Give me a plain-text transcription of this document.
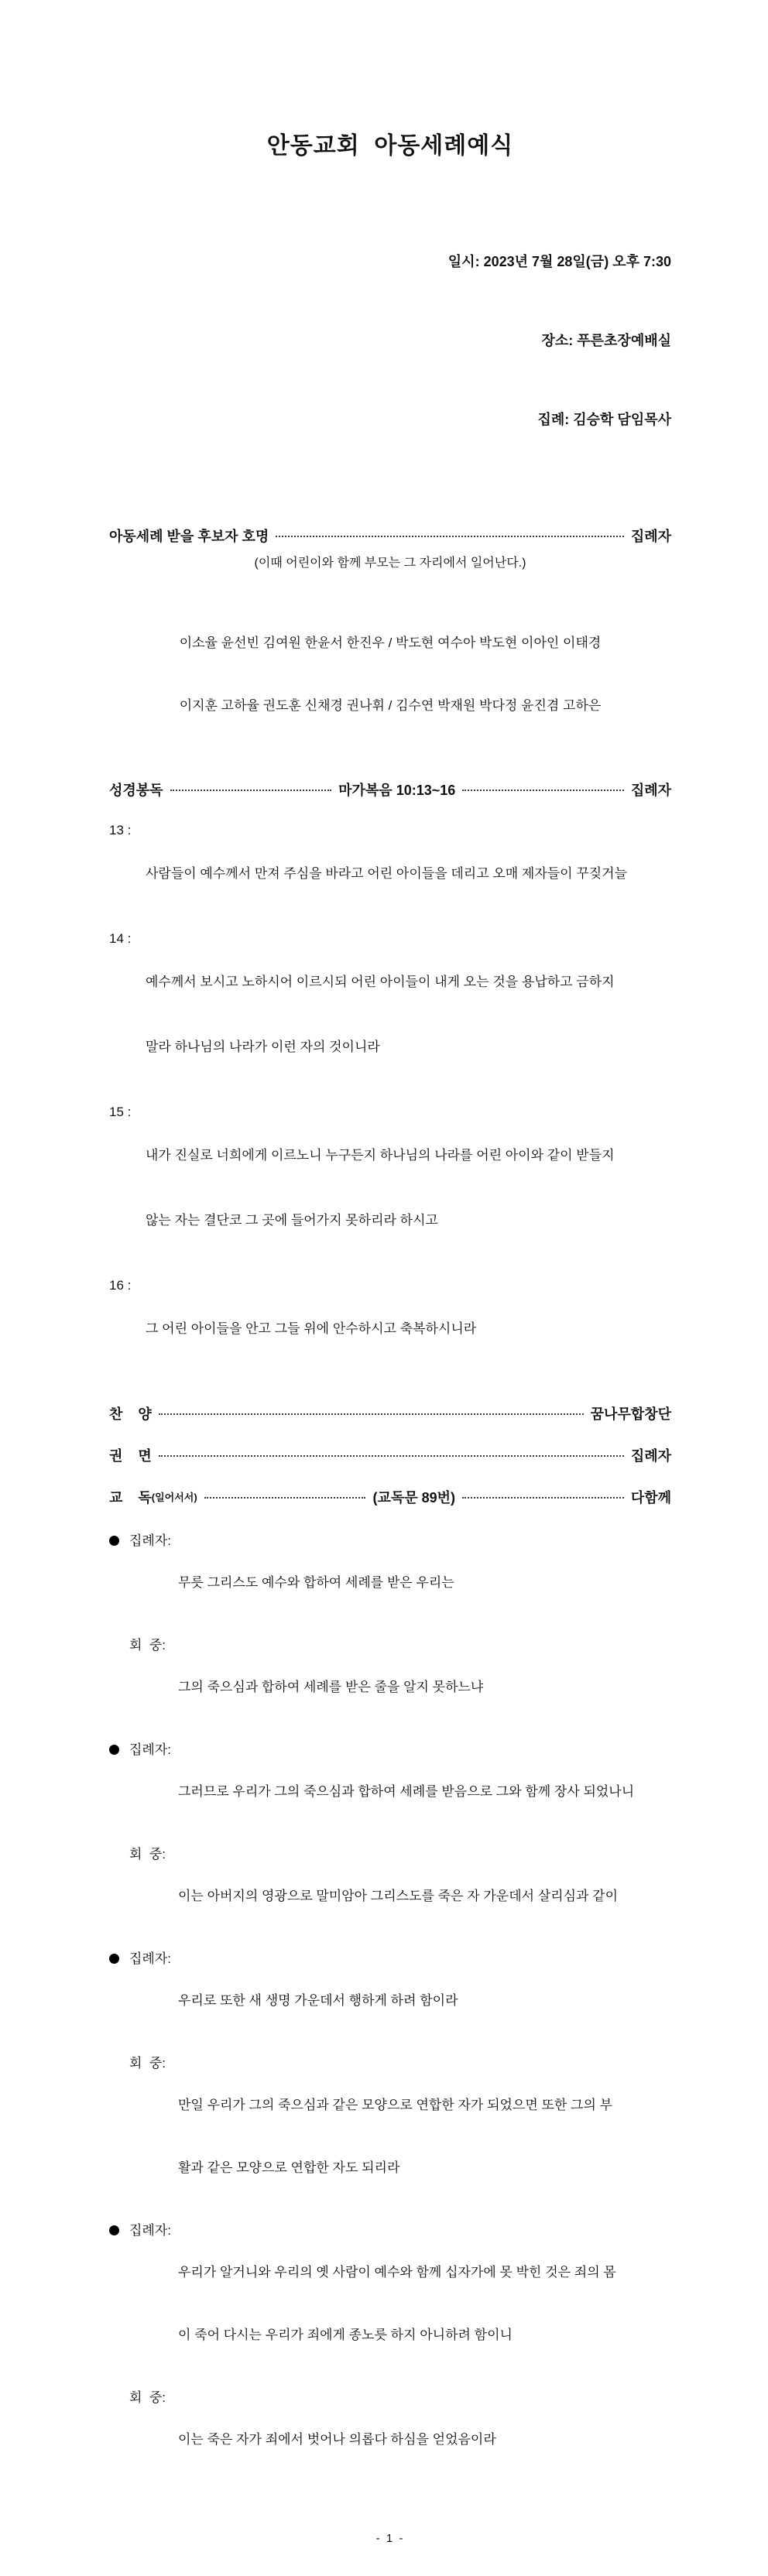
안동교회  아동세례예식

일시: 2023년 7월 28일(금) 오후 7:30

장소: 푸른초장예배실

집례: 김승학 담임목사

아동세례 받을 후보자 호명	집례자
(이때 어린이와 함께 부모는 그 자리에서 일어난다.)

이소율 윤선빈 김여원 한윤서 한진우 / 박도현 여수아 박도현 이아인 이태경

이지훈 고하율 권도훈 신채경 권나휘 / 김수연 박재원 박다정 윤진겸 고하은

성경봉독	마가복음 10:13~16	집례자
13 :

사람들이 예수께서 만져 주심을 바라고 어린 아이들을 데리고 오매 제자들이 꾸짖거늘

14 :

예수께서 보시고 노하시어 이르시되 어린 아이들이 내게 오는 것을 용납하고 금하지

말라 하나님의 나라가 이런 자의 것이니라

15 :

내가 진실로 너희에게 이르노니 누구든지 하나님의 나라를 어린 아이와 같이 받들지

않는 자는 결단코 그 곳에 들어가지 못하리라 하시고

16 :

그 어린 아이들을 안고 그들 위에 안수하시고 축복하시니라

찬    양	꿈나무합창단
권    면	집례자
교    독 (일어서서)	(교독문 89번)	다함께
집례자:

무릇 그리스도 예수와 합하여 세례를 받은 우리는

회  중:

그의 죽으심과 합하여 세례를 받은 줄을 알지 못하느냐

집례자:

그러므로 우리가 그의 죽으심과 합하여 세례를 받음으로 그와 함께 장사 되었나니

회  중:

이는 아버지의 영광으로 말미암아 그리스도를 죽은 자 가운데서 살리심과 같이

집례자:

우리로 또한 새 생명 가운데서 행하게 하려 함이라

회  중:

만일 우리가 그의 죽으심과 같은 모양으로 연합한 자가 되었으면 또한 그의 부

활과 같은 모양으로 연합한 자도 되리라

집례자:

우리가 알거니와 우리의 옛 사람이 예수와 함께 십자가에 못 박힌 것은 죄의 몸

이 죽어 다시는 우리가 죄에게 종노릇 하지 아니하려 함이니

회  중:

이는 죽은 자가 죄에서 벗어나 의롭다 하심을 얻었음이라

- 1 -
